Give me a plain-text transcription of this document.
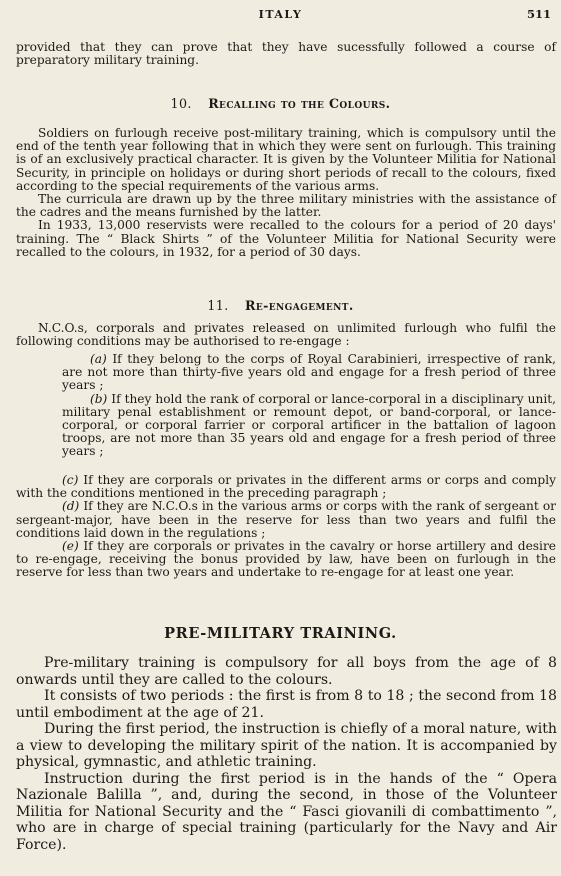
ITALY	511

provided that they can prove that they have sucessfully followed a course of preparatory military training.

10. Recalling to the Colours.

Soldiers on furlough receive post-military training, which is compulsory until the end of the tenth year following that in which they were sent on furlough. This training is of an exclusively practical character. It is given by the Volunteer Militia for National Security, in principle on holidays or during short periods of recall to the colours, fixed according to the special requirements of the various arms.

The curricula are drawn up by the three military ministries with the assistance of the cadres and the means furnished by the latter.

In 1933, 13,000 reservists were recalled to the colours for a period of 20 days' training. The “ Black Shirts ” of the Volunteer Militia for National Security were recalled to the colours, in 1932, for a period of 30 days.

11. Re-engagement.

N.C.O.s, corporals and privates released on unlimited furlough who fulfil the following conditions may be authorised to re-engage :

(a) If they belong to the corps of Royal Carabinieri, irrespective of rank, are not more than thirty-five years old and engage for a fresh period of three years ;

(b) If they hold the rank of corporal or lance-corporal in a disciplinary unit, military penal establishment or remount depot, or band-corporal, or lance-corporal, or corporal farrier or corporal artificer in the battalion of lagoon troops, are not more than 35 years old and engage for a fresh period of three years ;

(c) If they are corporals or privates in the different arms or corps and comply with the conditions mentioned in the preceding paragraph ;

(d) If they are N.C.O.s in the various arms or corps with the rank of sergeant or sergeant-major, have been in the reserve for less than two years and fulfil the conditions laid down in the regulations ;

(e) If they are corporals or privates in the cavalry or horse artillery and desire to re-engage, receiving the bonus provided by law, have been on furlough in the reserve for less than two years and undertake to re-engage for at least one year.

PRE-MILITARY TRAINING.

Pre-military training is compulsory for all boys from the age of 8 onwards until they are called to the colours.

It consists of two periods : the first is from 8 to 18 ; the second from 18 until embodiment at the age of 21.

During the first period, the instruction is chiefly of a moral nature, with a view to developing the military spirit of the nation. It is accompanied by physical, gymnastic, and athletic training.

Instruction during the first period is in the hands of the “ Opera Nazionale Balilla ”, and, during the second, in those of the Volunteer Militia for National Security and the “ Fasci giovanili di combattimento ”, who are in charge of special training (particularly for the Navy and Air Force).
